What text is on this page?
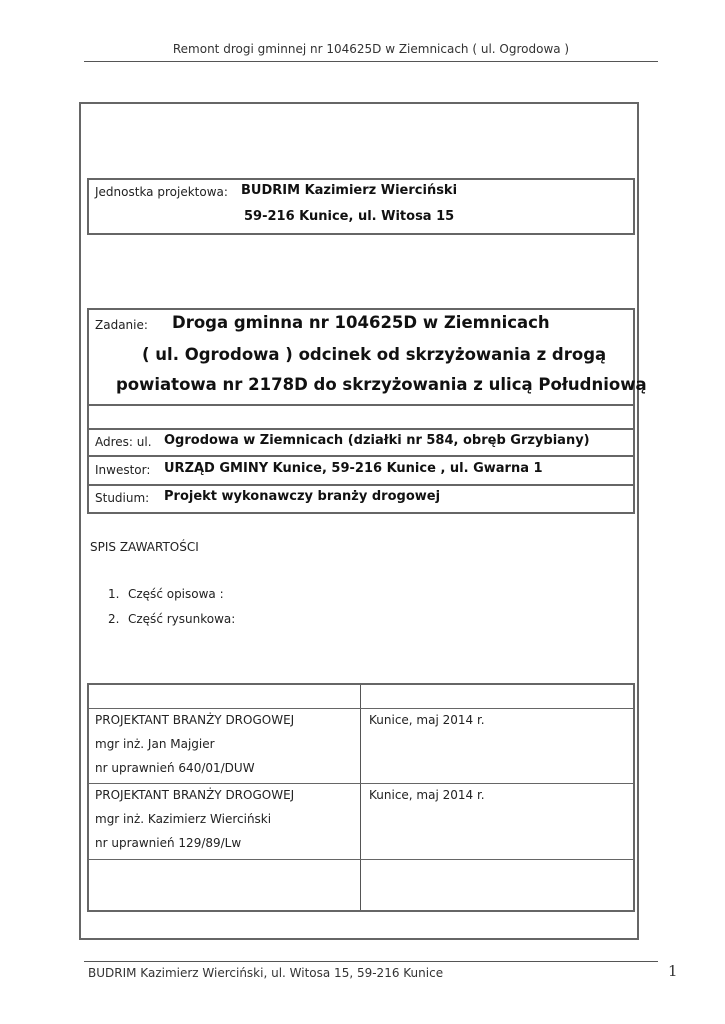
Remont drogi gminnej nr 104625D w Ziemnicach ( ul. Ogrodowa )
Jednostka projektowa: BUDRIM Kazimierz Wierciński
59-216 Kunice, ul. Witosa 15
Zadanie: Droga gminna nr 104625D w Ziemnicach
( ul. Ogrodowa ) odcinek od skrzyżowania z drogą
powiatowa nr 2178D do skrzyżowania z ulicą Południową
Adres: ul. Ogrodowa w Ziemnicach (działki nr 584, obręb Grzybiany)
Inwestor: URZĄD GMINY Kunice, 59-216 Kunice , ul. Gwarna 1
Studium: Projekt wykonawczy branży drogowej
SPIS ZAWARTOŚCI
1. Część opisowa :
2. Część rysunkowa:
PROJEKTANT BRANŻY DROGOWEJ
mgr inż. Jan Majgier
nr uprawnień 640/01/DUW
Kunice, maj 2014 r.
PROJEKTANT BRANŻY DROGOWEJ
mgr inż. Kazimierz Wierciński
nr uprawnień 129/89/Lw
Kunice, maj 2014 r.
BUDRIM Kazimierz Wierciński, ul. Witosa 15, 59-216 Kunice	1
